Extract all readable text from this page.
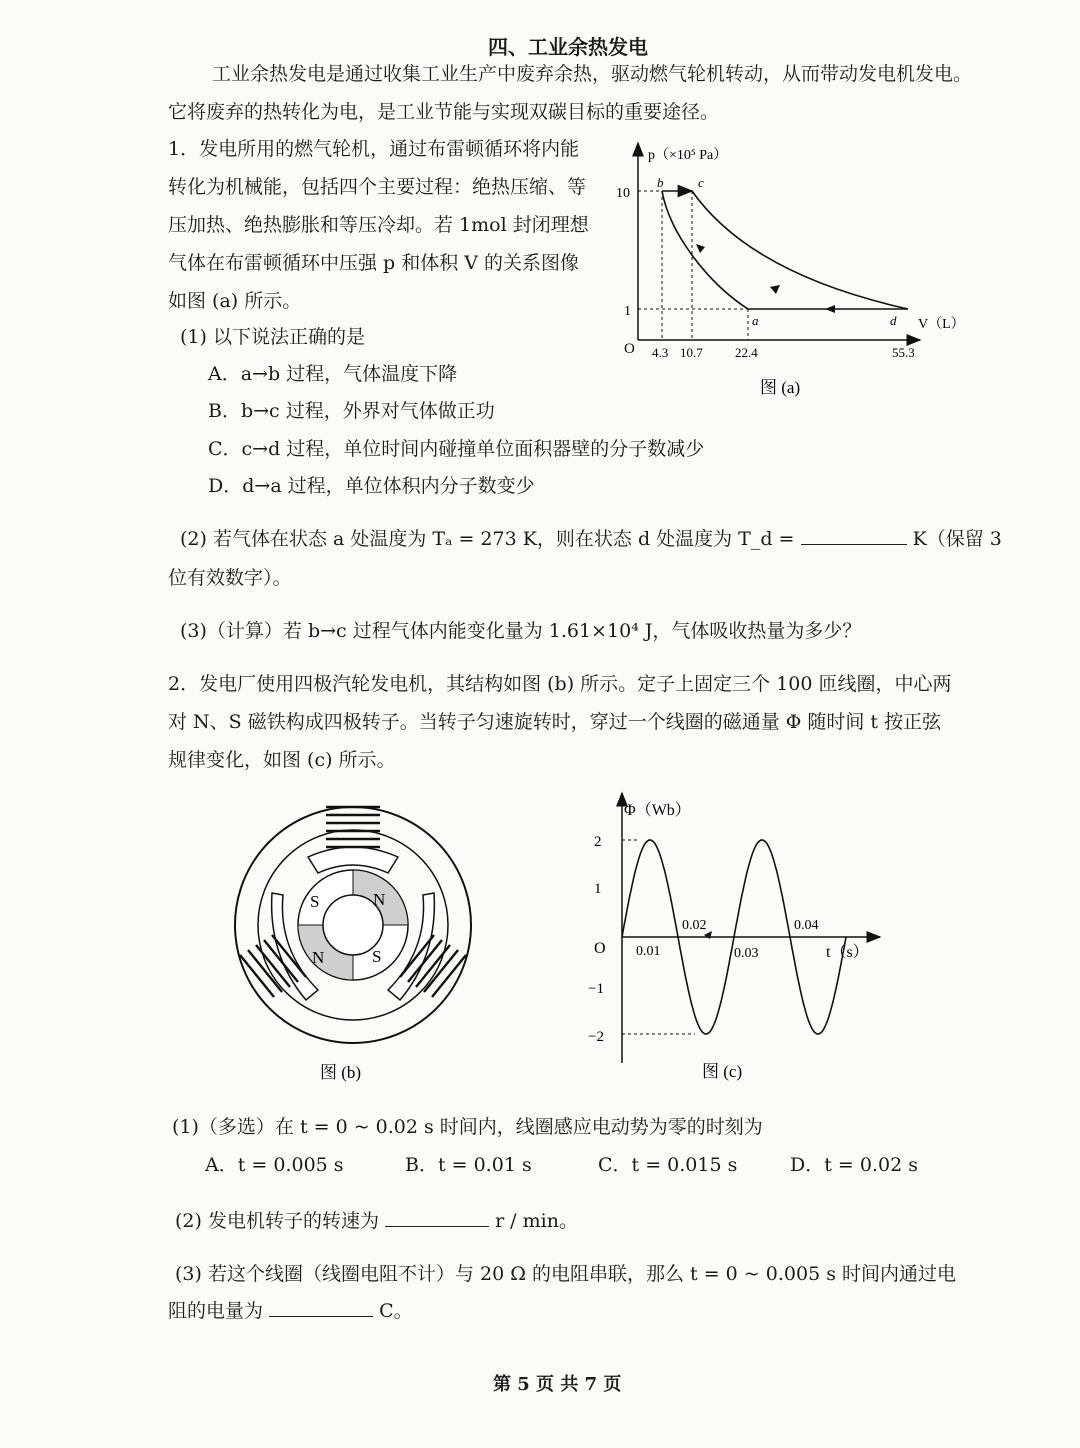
四、工业余热发电
工业余热发电是通过收集工业生产中废弃余热，驱动燃气轮机转动，从而带动发电机发电。
它将废弃的热转化为电，是工业节能与实现双碳目标的重要途径。
1．发电所用的燃气轮机，通过布雷顿循环将内能
转化为机械能，包括四个主要过程：绝热压缩、等
压加热、绝热膨胀和等压冷却。若 1mol 封闭理想
气体在布雷顿循环中压强 p 和体积 V 的关系图像
如图 (a) 所示。
(1) 以下说法正确的是
A．a→b 过程，气体温度下降
B．b→c 过程，外界对气体做正功
C．c→d 过程，单位时间内碰撞单位面积器壁的分子数减少
D．d→a 过程，单位体积内分子数变少
(2) 若气体在状态 a 处温度为 Tₐ = 273 K，则在状态 d 处温度为 T_d =	K（保留 3
位有效数字）。
(3)（计算）若 b→c 过程气体内能变化量为 1.61×10⁴ J，气体吸收热量为多少？
p（×10⁵ Pa）
V（L）
O
10
1
4.3 10.7 22.4	55.3
b	c
a	d
图 (a)
2．发电厂使用四极汽轮发电机，其结构如图 (b) 所示。定子上固定三个 100 匝线圈，中心两
对 N、S 磁铁构成四极转子。当转子匀速旋转时，穿过一个线圈的磁通量 Φ 随时间 t 按正弦
规律变化，如图 (c) 所示。
S	N
N	S
图 (b)
Φ（Wb）
t（s）
O
2
1
−1
−2
0.01
0.02
0.03
0.04
图 (c)
(1)（多选）在 t = 0 ~ 0.02 s 时间内，线圈感应电动势为零的时刻为
A．t = 0.005 s	B．t = 0.01 s	C．t = 0.015 s	D．t = 0.02 s
(2) 发电机转子的转速为	r / min。
(3) 若这个线圈（线圈电阻不计）与 20 Ω 的电阻串联，那么 t = 0 ~ 0.005 s 时间内通过电
阻的电量为	C。
第 5 页 共 7 页
